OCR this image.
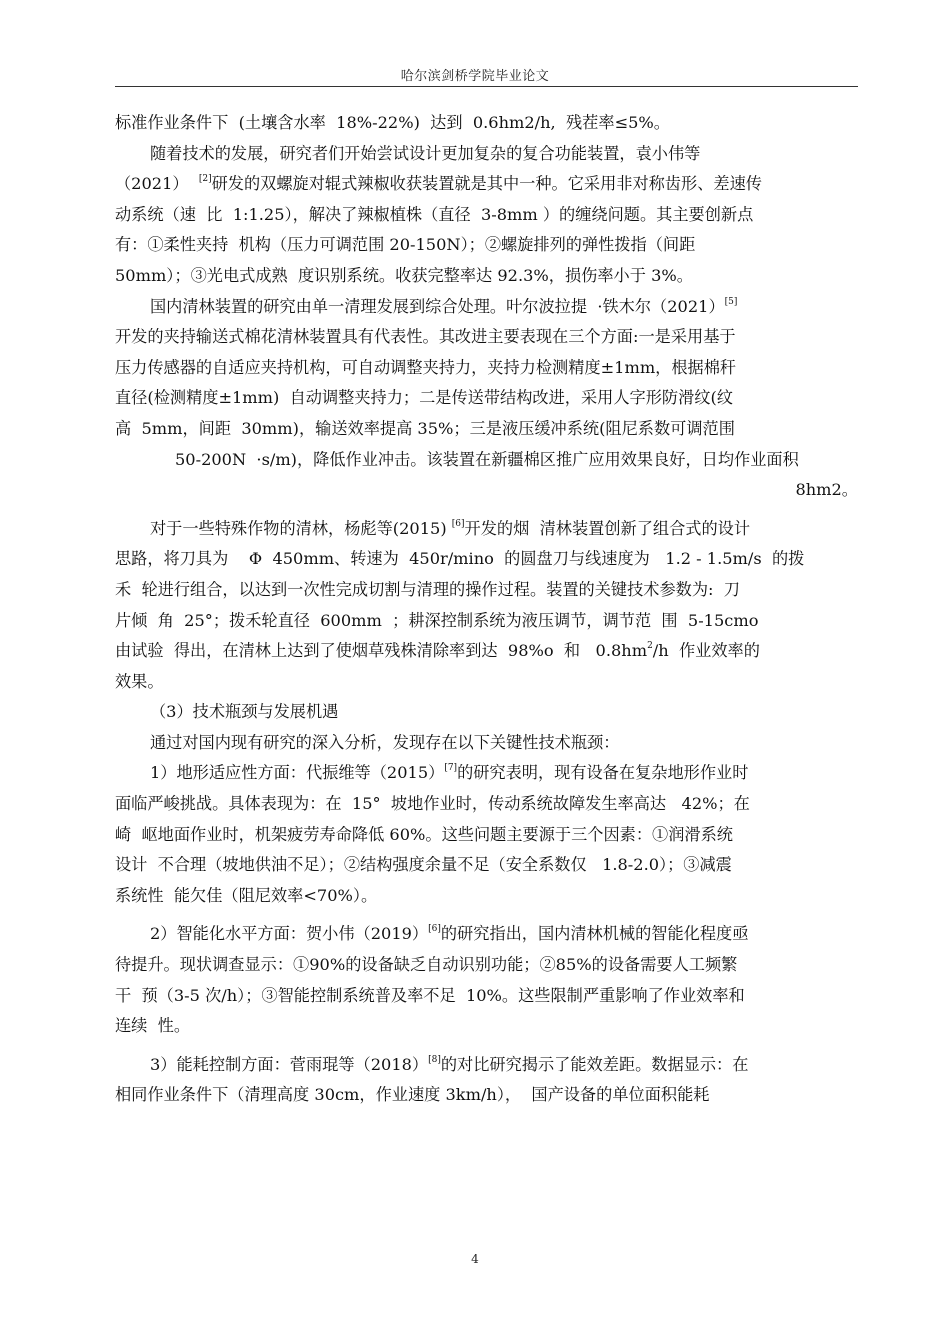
哈尔滨剑桥学院毕业论文

标准作业条件下  (土壤含水率  18%-22%)  达到  0.6hm2/h,  残茬率≤5%。

随着技术的发展，研究者们开始尝试设计更加复杂的复合功能装置，袁小伟等

（2021）  [2]研发的双螺旋对辊式辣椒收获装置就是其中一种。它采用非对称齿形、差速传

动系统（速  比  1:1.25），解决了辣椒植株（直径  3-8mm ）的缠绕问题。其主要创新点

有：①柔性夹持  机构（压力可调范围 20-150N）；②螺旋排列的弹性拨指（间距

50mm）；③光电式成熟  度识别系统。收获完整率达 92.3%，损伤率小于 3%。

国内清林装置的研究由单一清理发展到综合处理。叶尔波拉提  ·铁木尔（2021）[5]

开发的夹持输送式棉花清林装置具有代表性。其改进主要表现在三个方面:一是采用基于

压力传感器的自适应夹持机构，可自动调整夹持力，夹持力检测精度±1mm，根据棉秆

直径(检测精度±1mm)  自动调整夹持力；二是传送带结构改进，采用人字形防滑纹(纹

高  5mm，间距  30mm)，输送效率提高 35%；三是液压缓冲系统(阻尼系数可调范围

50-200N  ·s/m)，降低作业冲击。该装置在新疆棉区推广应用效果良好，日均作业面积

8hm2。

对于一些特殊作物的清林，杨彪等(2015) [6]开发的烟  清林装置创新了组合式的设计

思路，将刀具为    Φ  450mm、转速为  450r/mino  的圆盘刀与线速度为   1.2 - 1.5m/s  的拨

禾  轮进行组合，以达到一次性完成切割与清理的操作过程。装置的关键技术参数为:  刀

片倾  角  25°；拨禾轮直径  600mm  ；耕深控制系统为液压调节，调节范  围  5-15cmo

由试验  得出，在清林上达到了使烟草残株清除率到达  98%o  和   $0.8hm^2/h$  作业效率的

效果。

（3）技术瓶颈与发展机遇

通过对国内现有研究的深入分析，发现存在以下关键性技术瓶颈：

1）地形适应性方面：代振维等（2015）[7]的研究表明，现有设备在复杂地形作业时

面临严峻挑战。具体表现为：在  15°  坡地作业时，传动系统故障发生率高达   42%；在

崎  岖地面作业时，机架疲劳寿命降低 60%。这些问题主要源于三个因素：①润滑系统

设计  不合理（坡地供油不足）；②结构强度余量不足（安全系数仅   1.8-2.0）；③减震

系统性  能欠佳（阻尼效率<70%）。

2）智能化水平方面：贺小伟（2019）[6]的研究指出，国内清林机械的智能化程度亟

待提升。现状调查显示：①90%的设备缺乏自动识别功能；②85%的设备需要人工频繁

干  预（3-5 次/h）；③智能控制系统普及率不足  10%。这些限制严重影响了作业效率和

连续  性。

3）能耗控制方面：菅雨琨等（2018）[8]的对比研究揭示了能效差距。数据显示：在

相同作业条件下（清理高度 30cm，作业速度 3km/h），  国产设备的单位面积能耗

4
